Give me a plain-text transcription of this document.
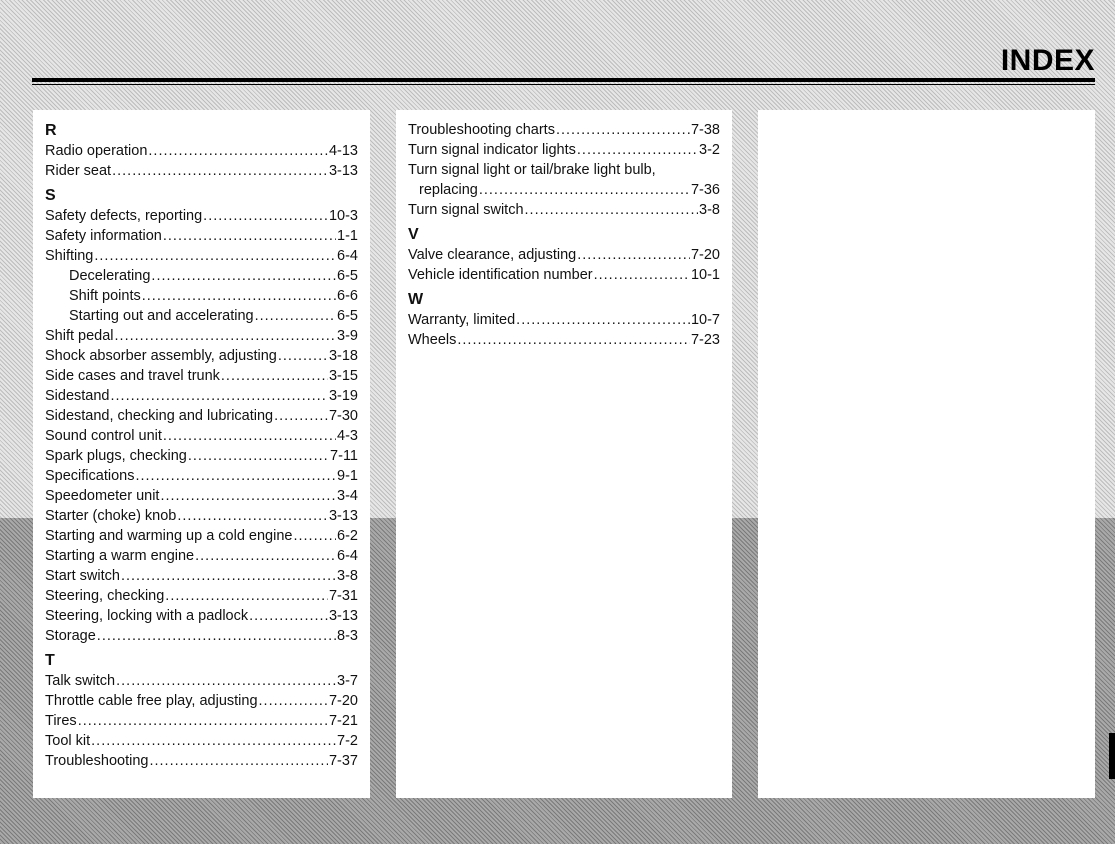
INDEX
R
Radio operation .....	4-13
Rider seat .....	3-13
S
Safety defects, reporting .....	10-3
Safety information .....	1-1
Shifting .....	6-4
Decelerating .....	6-5
Shift points .....	6-6
Starting out and accelerating .....	6-5
Shift pedal .....	3-9
Shock absorber assembly, adjusting .....	3-18
Side cases and travel trunk .....	3-15
Sidestand .....	3-19
Sidestand, checking and lubricating .....	7-30
Sound control unit .....	4-3
Spark plugs, checking .....	7-11
Specifications .....	9-1
Speedometer unit .....	3-4
Starter (choke) knob .....	3-13
Starting and warming up a cold engine .....	6-2
Starting a warm engine .....	6-4
Start switch .....	3-8
Steering, checking .....	7-31
Steering, locking with a padlock .....	3-13
Storage .....	8-3
T
Talk switch .....	3-7
Throttle cable free play, adjusting .....	7-20
Tires .....	7-21
Tool kit .....	7-2
Troubleshooting .....	7-37
Troubleshooting charts .....	7-38
Turn signal indicator lights .....	3-2
Turn signal light or tail/brake light bulb,
replacing .....	7-36
Turn signal switch .....	3-8
V
Valve clearance, adjusting .....	7-20
Vehicle identification number .....	10-1
W
Warranty, limited .....	10-7
Wheels .....	7-23
